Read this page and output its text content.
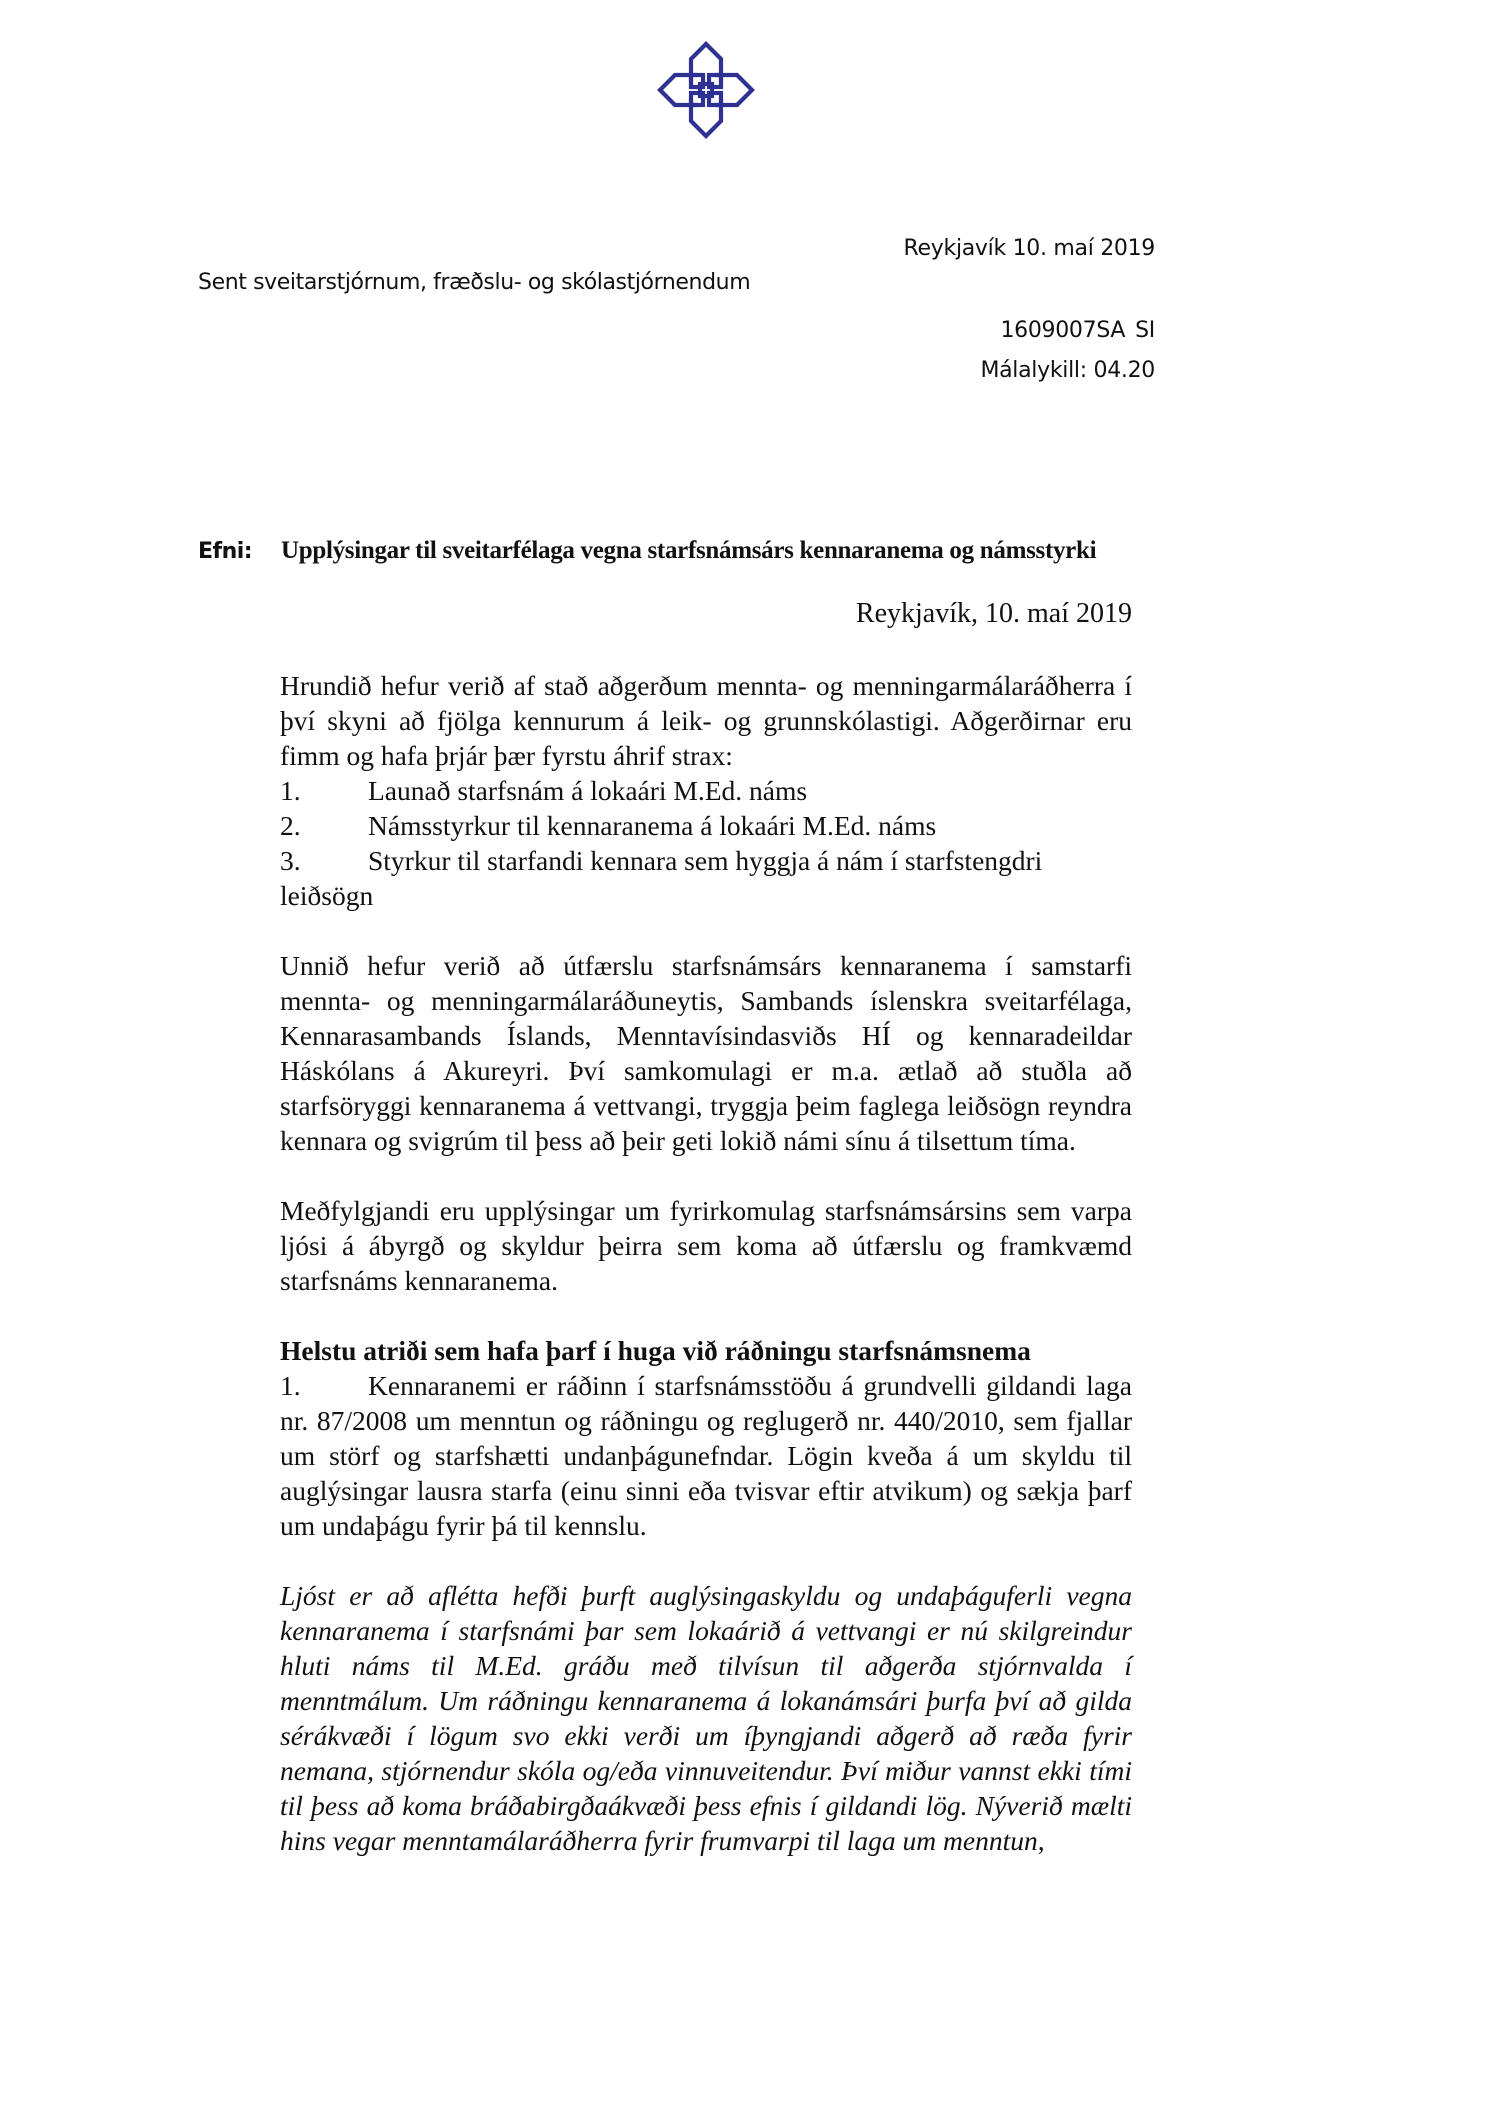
Reykjavík 10. maí 2019
Sent sveitarstjórnum, fræðslu- og skólastjórnendum
1609007SA SI
Málalykill: 04.20
Efni: Upplýsingar til sveitarfélaga vegna starfsnámsárs kennaranema og námsstyrki
Reykjavík, 10. maí 2019

Hrundið hefur verið af stað aðgerðum mennta- og menningarmálaráðherra í því skyni að fjölga kennurum á leik- og grunnskólastigi. Aðgerðirnar eru fimm og hafa þrjár þær fyrstu áhrif strax:

1. Launað starfsnám á lokaári M.Ed. náms
2. Námsstyrkur til kennaranema á lokaári M.Ed. náms
3. Styrkur til starfandi kennara sem hyggja á nám í starfstengdri leiðsögn

Unnið hefur verið að útfærslu starfsnámsárs kennaranema í samstarfi mennta- og menningarmálaráðuneytis, Sambands íslenskra sveitarfélaga, Kennarasambands Íslands, Menntavísindasviðs HÍ og kennaradeildar Háskólans á Akureyri. Því samkomulagi er m.a. ætlað að stuðla að starfsöryggi kennaranema á vettvangi, tryggja þeim faglega leiðsögn reyndra kennara og svigrúm til þess að þeir geti lokið námi sínu á tilsettum tíma.

Meðfylgjandi eru upplýsingar um fyrirkomulag starfsnámsársins sem varpa ljósi á ábyrgð og skyldur þeirra sem koma að útfærslu og framkvæmd starfsnáms kennaranema.

Helstu atriði sem hafa þarf í huga við ráðningu starfsnámsnema

1. Kennaranemi er ráðinn í starfsnámsstöðu á grundvelli gildandi laga nr. 87/2008 um menntun og ráðningu og reglugerð nr. 440/2010, sem fjallar um störf og starfshætti undanþágunefndar. Lögin kveða á um skyldu til auglýsingar lausra starfa (einu sinni eða tvisvar eftir atvikum) og sækja þarf um undaþágu fyrir þá til kennslu.

Ljóst er að aflétta hefði þurft auglýsingaskyldu og undaþáguferli vegna kennaranema í starfsnámi þar sem lokaárið á vettvangi er nú skilgreindur hluti náms til M.Ed. gráðu með tilvísun til aðgerða stjórnvalda í menntmálum. Um ráðningu kennaranema á lokanámsári þurfa því að gilda sérákvæði í lögum svo ekki verði um íþyngjandi aðgerð að ræða fyrir nemana, stjórnendur skóla og/eða vinnuveitendur. Því miður vannst ekki tími til þess að koma bráðabirgðaákvæði þess efnis í gildandi lög. Nýverið mælti hins vegar menntamálaráðherra fyrir frumvarpi til laga um menntun,
